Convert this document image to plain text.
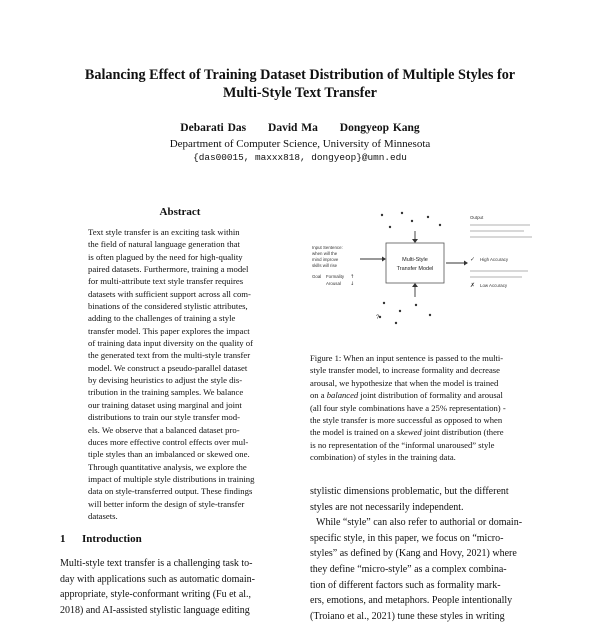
Balancing Effect of Training Dataset Distribution of Multiple Styles for
Multi-Style Text Transfer
Debarati Das David Ma Dongyeop Kang
Department of Computer Science, University of Minnesota
{das00015, maxxx818, dongyeop}@umn.edu
Abstract
Text style transfer is an exciting task within
the field of natural language generation that
is often plagued by the need for high-quality
paired datasets. Furthermore, training a model
for multi-attribute text style transfer requires
datasets with sufficient support across all com-
binations of the considered stylistic attributes,
adding to the challenges of training a style
transfer model. This paper explores the impact
of training data input diversity on the quality of
the generated text from the multi-style transfer
model. We construct a pseudo-parallel dataset
by devising heuristics to adjust the style dis-
tribution in the training samples. We balance
our training dataset using marginal and joint
distributions to train our style transfer mod-
els. We observe that a balanced dataset pro-
duces more effective control effects over mul-
tiple styles than an imbalanced or skewed one.
Through quantitative analysis, we explore the
impact of multiple style distributions in training
data on style-transferred output. These findings
will better inform the design of style-transfer
datasets.
1 Introduction
Multi-style text transfer is a challenging task to-
day with applications such as automatic domain-
appropriate, style-conformant writing (Fu et al.,
2018) and AI-assisted stylistic language editing
Multi-Style
Transfer Model
?
Input Sentence:
when will the
mind improve
skills will rise
Goal Formality
Arousal
↑
↓
Output
✓ High Accuracy
✗ Low Accuracy
Figure 1: When an input sentence is passed to the multi-
style transfer model, to increase formality and decrease
arousal, we hypothesize that when the model is trained
on a balanced joint distribution of formality and arousal
(all four style combinations have a 25% representation) -
the style transfer is more successful as opposed to when
the model is trained on a skewed joint distribution (there
is no representation of the “informal unaroused” style
combination) of styles in the training data.
stylistic dimensions problematic, but the different
styles are not necessarily independent.
While “style” can also refer to authorial or domain-
specific style, in this paper, we focus on “micro-
styles” as defined by (Kang and Hovy, 2021) where
they define “micro-style” as a complex combina-
tion of different factors such as formality mark-
ers, emotions, and metaphors. People intentionally
(Troiano et al., 2021) tune these styles in writing
